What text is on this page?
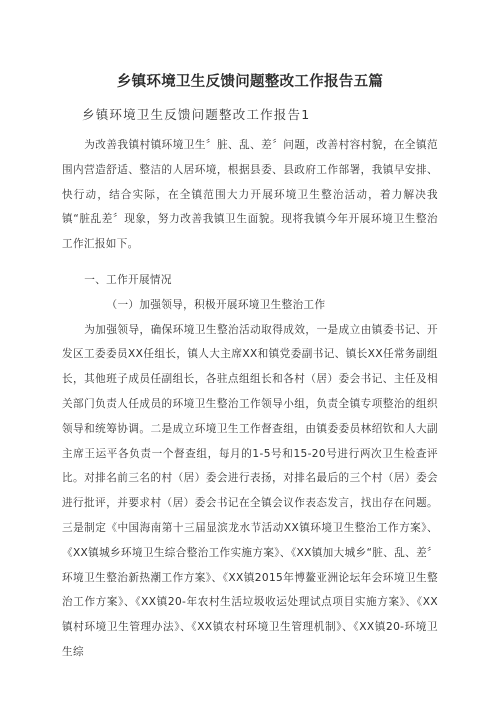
乡镇环境卫生反馈问题整改工作报告五篇
乡镇环境卫生反馈问题整改工作报告1

为改善我镇村镇环境卫生〞脏、乱、差〞问题，改善村容村貌，在全镇范围内营造舒适、整洁的人居环境，根据县委、县政府工作部署，我镇早安排、快行动，结合实际，在全镇范围大力开展环境卫生整治活动，着力解决我镇“脏乱差〞现象，努力改善我镇卫生面貌。现将我镇今年开展环境卫生整治工作汇报如下。

一、工作开展情况
（一）加强领导，积极开展环境卫生整治工作

为加强领导，确保环境卫生整治活动取得成效，一是成立由镇委书记、开发区工委委员XX任组长，镇人大主席XX和镇党委副书记、镇长XX任常务副组长，其他班子成员任副组长，各驻点组组长和各村（居）委会书记、主任及相关部门负责人任成员的环境卫生整治工作领导小组，负责全镇专项整治的组织领导和统筹协调。二是成立环境卫生工作督查组，由镇委委员林绍钦和人大副主席王运平各负责一个督查组，每月的1-5号和15-20号进行两次卫生检查评比。对排名前三名的村（居）委会进行表扬，对排名最后的三个村（居）委会进行批评，并要求村（居）委会书记在全镇会议作表态发言，找出存在问题。三是制定《中国海南第十三届显滨龙水节活动XX镇环境卫生整治工作方案》、《XX镇城乡环境卫生综合整治工作实施方案》、《XX镇加大城乡“脏、乱、差〞环境卫生整治新热潮工作方案》、《XX镇2015年博鳌亚洲论坛年会环境卫生整治工作方案》、《XX镇20-年农村生活垃圾收运处理试点项目实施方案》、《XX镇村环境卫生管理办法》、《XX镇农村环境卫生管理机制》、《XX镇20-环境卫生综
